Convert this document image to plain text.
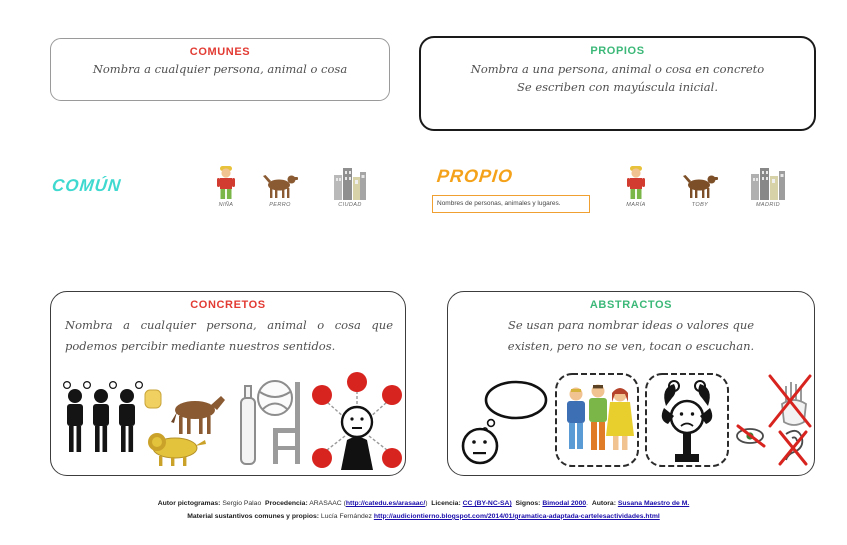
COMUNES
Nombra a cualquier persona, animal o cosa
PROPIOS
Nombra a una persona, animal o cosa en concreto
Se escriben con mayúscula inicial.
COMÚN
NIÑA	PERRO	CIUDAD
PROPIO
Nombres de personas, animales y lugares.	MARÍA	TOBY	MADRID
CONCRETOS
Nombra a cualquier persona, animal o cosa que podemos percibir mediante nuestros sentidos.
ABSTRACTOS
Se usan para nombrar ideas o valores que
existen, pero no se ven, tocan o escuchan.
Autor pictogramas: Sergio Palao  Procedencia: ARASAAC (http://catedu.es/arasaac/)  Licencia: CC (BY-NC-SA) Signos: Bimodal 2000.  Autora: Susana Maestro de M.
Material sustantivos comunes y propios: Lucía Fernández http://audiciontierno.blogspot.com/2014/01/gramatica-adaptada-cartelesactividades.html
